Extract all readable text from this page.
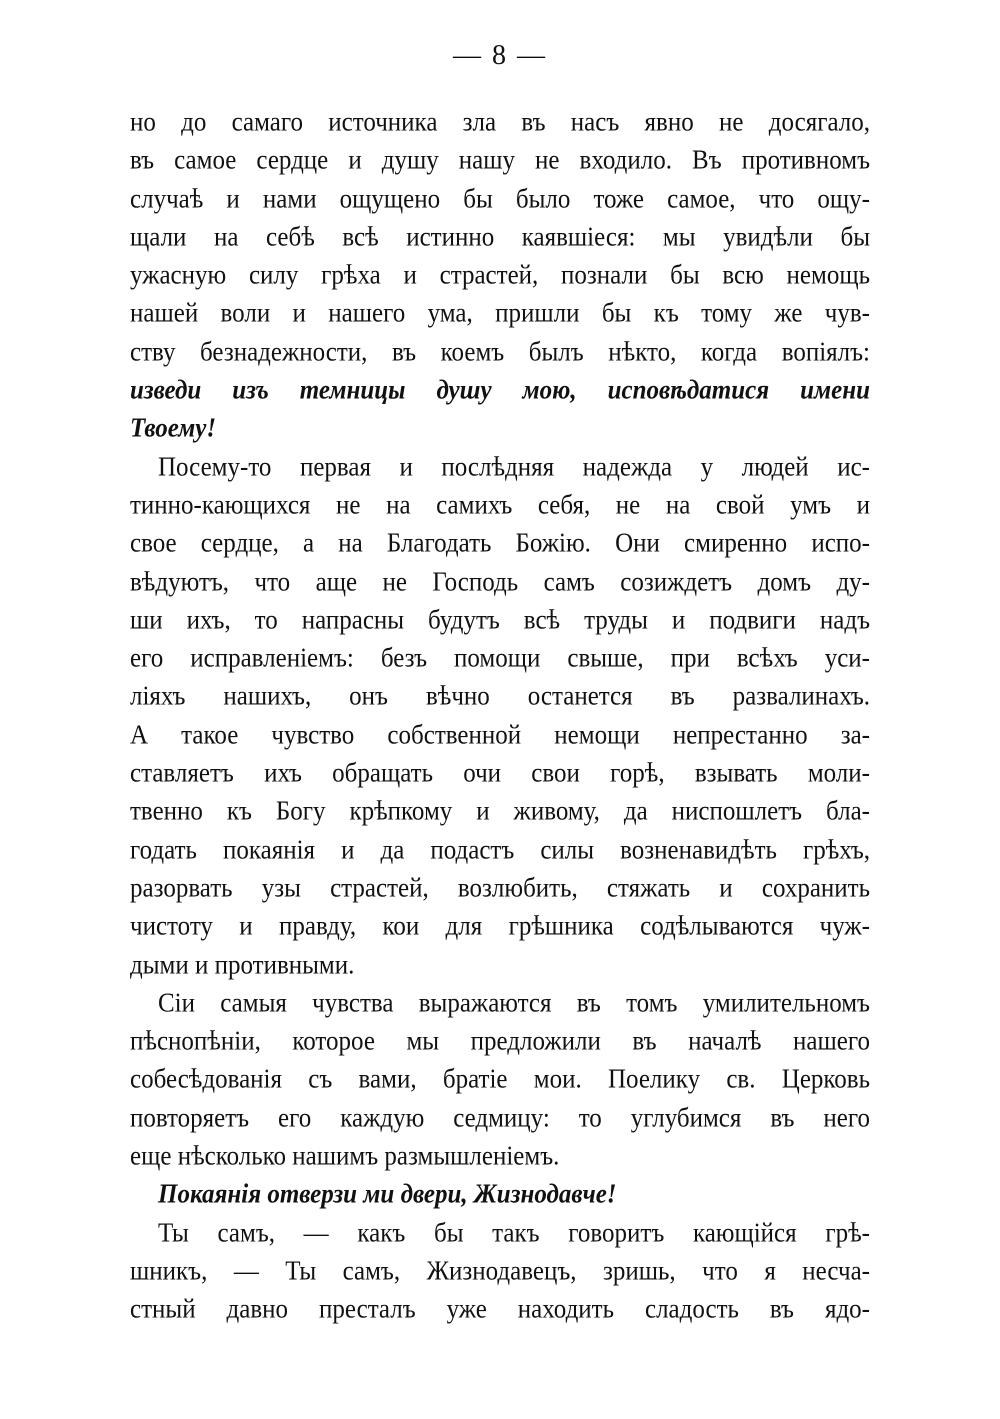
— 8 —
но до самаго источника зла въ насъ явно не досягало,
въ самое сердце и душу нашу не входило. Въ противномъ
случаѣ и нами ощущено бы было тоже самое, что ощу-
щали на себѣ всѣ истинно каявшіеся: мы увидѣли бы
ужасную силу грѣха и страстей, познали бы всю немощь
нашей воли и нашего ума, пришли бы къ тому же чув-
ству безнадежности, въ коемъ былъ нѣкто, когда вопіялъ:
изведи изъ темницы душу мою, исповѣдатися имени
Твоему!
Посему-то первая и послѣдняя надежда у людей ис-
тинно-кающихся не на самихъ себя, не на свой умъ и
свое сердце, а на Благодать Божію. Они смиренно испо-
вѣдуютъ, что аще не Господь самъ созиждетъ домъ ду-
ши ихъ, то напрасны будутъ всѣ труды и подвиги надъ
его исправленіемъ: безъ помощи свыше, при всѣхъ уси-
ліяхъ нашихъ, онъ вѣчно останется въ развалинахъ.
А такое чувство собственной немощи непрестанно за-
ставляетъ ихъ обращать очи свои горѣ, взывать моли-
твенно къ Богу крѣпкому и живому, да ниспошлетъ бла-
годать покаянія и да подастъ силы возненавидѣть грѣхъ,
разорвать узы страстей, возлюбить, стяжать и сохранить
чистоту и правду, кои для грѣшника содѣлываются чуж-
дыми и противными.
Сіи самыя чувства выражаются въ томъ умилительномъ
пѣснопѣніи, которое мы предложили въ началѣ нашего
собесѣдованія съ вами, братіе мои. Поелику св. Церковь
повторяетъ его каждую седмицу: то углубимся въ него
еще нѣсколько нашимъ размышленіемъ.
Покаянія отверзи ми двери, Жизнодавче!
Ты самъ, — какъ бы такъ говоритъ кающійся грѣ-
шникъ, — Ты самъ, Жизнодавецъ, зришь, что я несча-
стный давно престалъ уже находить сладость въ ядо-
